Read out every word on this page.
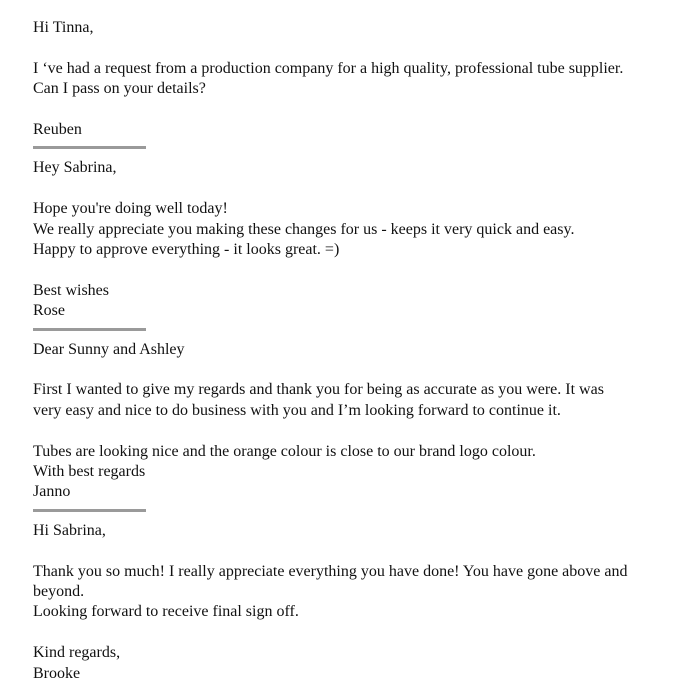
Hi Tinna,
I ‘ve had a request from a production company for a high quality, professional tube supplier.
Can I pass on your details?
Reuben
Hey Sabrina,
Hope you're doing well today!
We really appreciate you making these changes for us - keeps it very quick and easy.
Happy to approve everything - it looks great. =)
Best wishes
Rose
Dear Sunny and Ashley
First I wanted to give my regards and thank you for being as accurate as you were. It was
very easy and nice to do business with you and I’m looking forward to continue it.
Tubes are looking nice and the orange colour is close to our brand logo colour.
With best regards
Janno
Hi Sabrina,
Thank you so much! I really appreciate everything you have done! You have gone above and
beyond.
Looking forward to receive final sign off.
Kind regards,
Brooke
